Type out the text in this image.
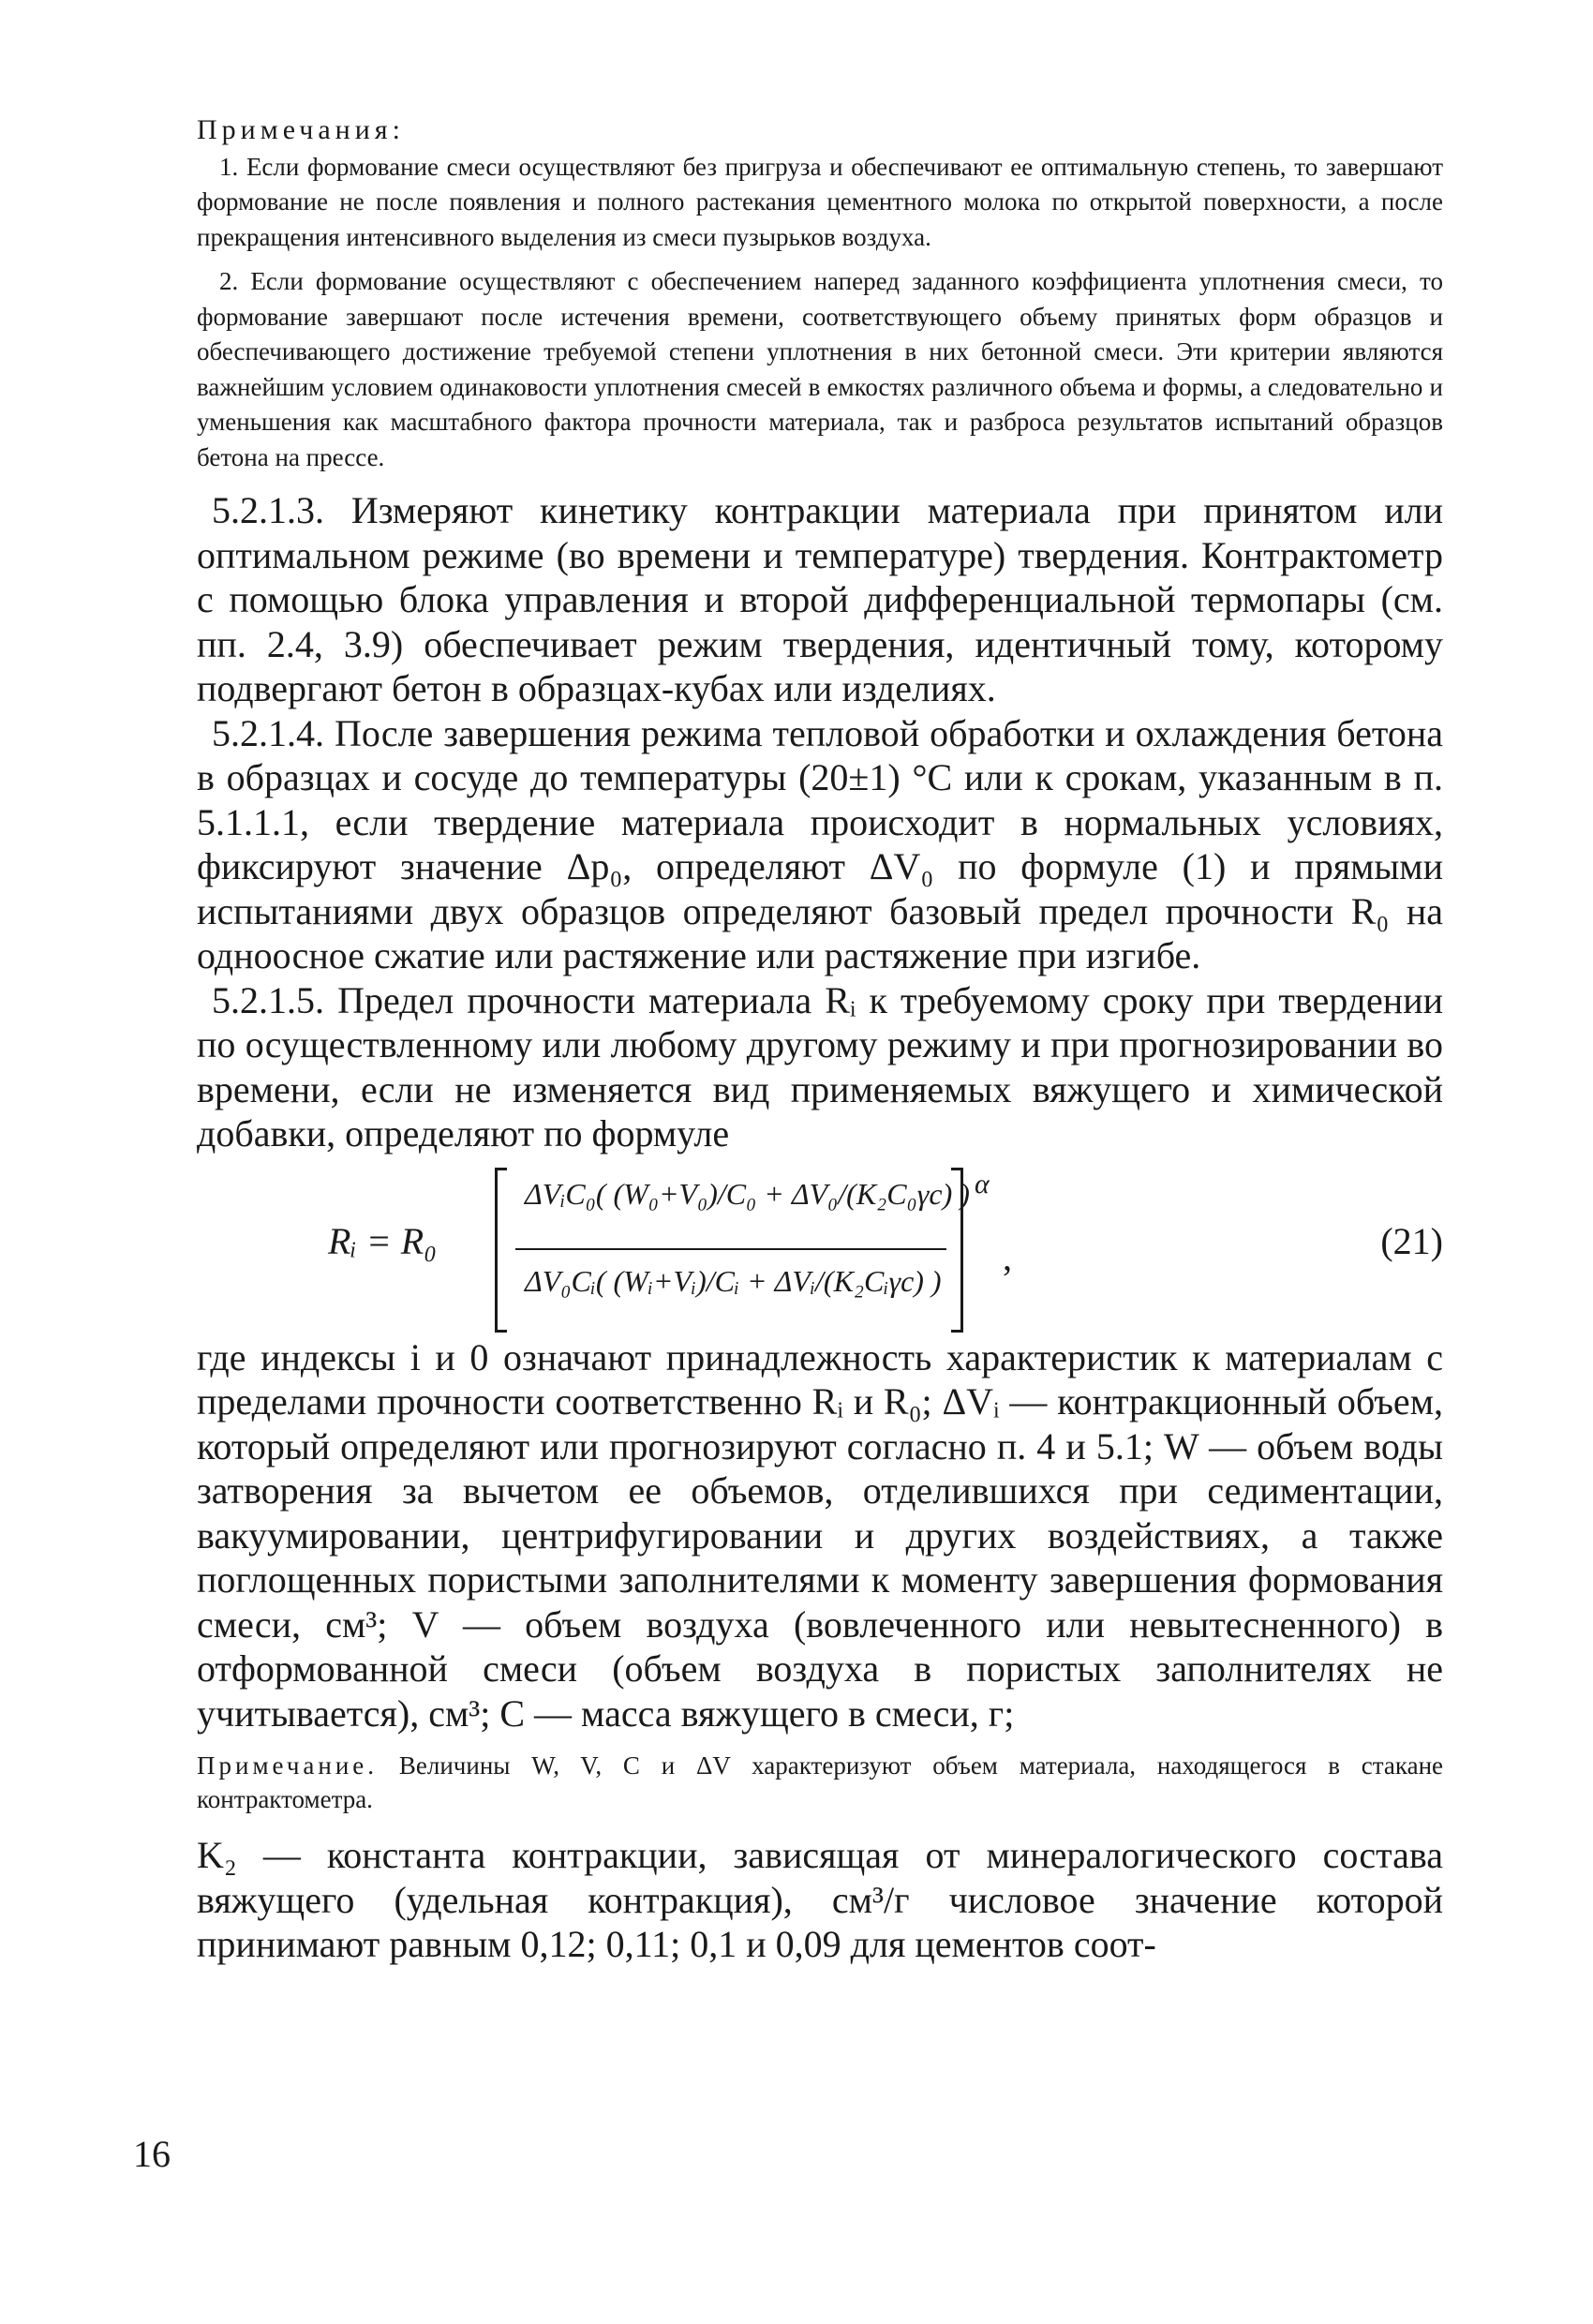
Примечания:

1. Если формование смеси осуществляют без пригруза и обеспечивают ее оптимальную степень, то завершают формование не после появления и полного растекания цементного молока по открытой поверхности, а после прекращения интенсивного выделения из смеси пузырьков воздуха.

2. Если формование осуществляют с обеспечением наперед заданного коэффициента уплотнения смеси, то формование завершают после истечения времени, соответствующего объему принятых форм образцов и обеспечивающего достижение требуемой степени уплотнения в них бетонной смеси. Эти критерии являются важнейшим условием одинаковости уплотнения смесей в емкостях различного объема и формы, а следовательно и уменьшения как масштабного фактора прочности материала, так и разброса результатов испытаний образцов бетона на прессе.

5.2.1.3. Измеряют кинетику контракции материала при принятом или оптимальном режиме (во времени и температуре) твердения. Контрактометр с помощью блока управления и второй дифференциальной термопары (см. пп. 2.4, 3.9) обеспечивает режим твердения, идентичный тому, которому подвергают бетон в образцах-кубах или изделиях.

5.2.1.4. После завершения режима тепловой обработки и охлаждения бетона в образцах и сосуде до температуры (20±1) °С или к срокам, указанным в п. 5.1.1.1, если твердение материала происходит в нормальных условиях, фиксируют значение Δp₀, определяют ΔV₀ по формуле (1) и прямыми испытаниями двух образцов определяют базовый предел прочности R₀ на одноосное сжатие или растяжение или растяжение при изгибе.

5.2.1.5. Предел прочности материала Rᵢ к требуемому сроку при твердении по осуществленному или любому другому режиму и при прогнозировании во времени, если не изменяется вид применяемых вяжущего и химической добавки, определяют по формуле

Rᵢ = R₀
ΔVᵢC₀( (W₀+V₀)/C₀ + ΔV₀/(K₂C₀γc) )
ΔV₀Cᵢ( (Wᵢ+Vᵢ)/Cᵢ + ΔVᵢ/(K₂Cᵢγc) )
α
,	(21)

где индексы i и 0 означают принадлежность характеристик к материалам с пределами прочности соответственно Rᵢ и R₀; ΔVᵢ — контракционный объем, который определяют или прогнозируют согласно п. 4 и 5.1; W — объем воды затворения за вычетом ее объемов, отделившихся при седиментации, вакуумировании, центрифугировании и других воздействиях, а также поглощенных пористыми заполнителями к моменту завершения формования смеси, см³; V — объем воздуха (вовлеченного или невытесненного) в отформованной смеси (объем воздуха в пористых заполнителях не учитывается), см³; С — масса вяжущего в смеси, г;

Примечание. Величины W, V, C и ΔV характеризуют объем материала, находящегося в стакане контрактометра.

K₂ — константа контракции, зависящая от минералогического состава вяжущего (удельная контракция), см³/г числовое значение которой принимают равным 0,12; 0,11; 0,1 и 0,09 для цементов соот-

16
